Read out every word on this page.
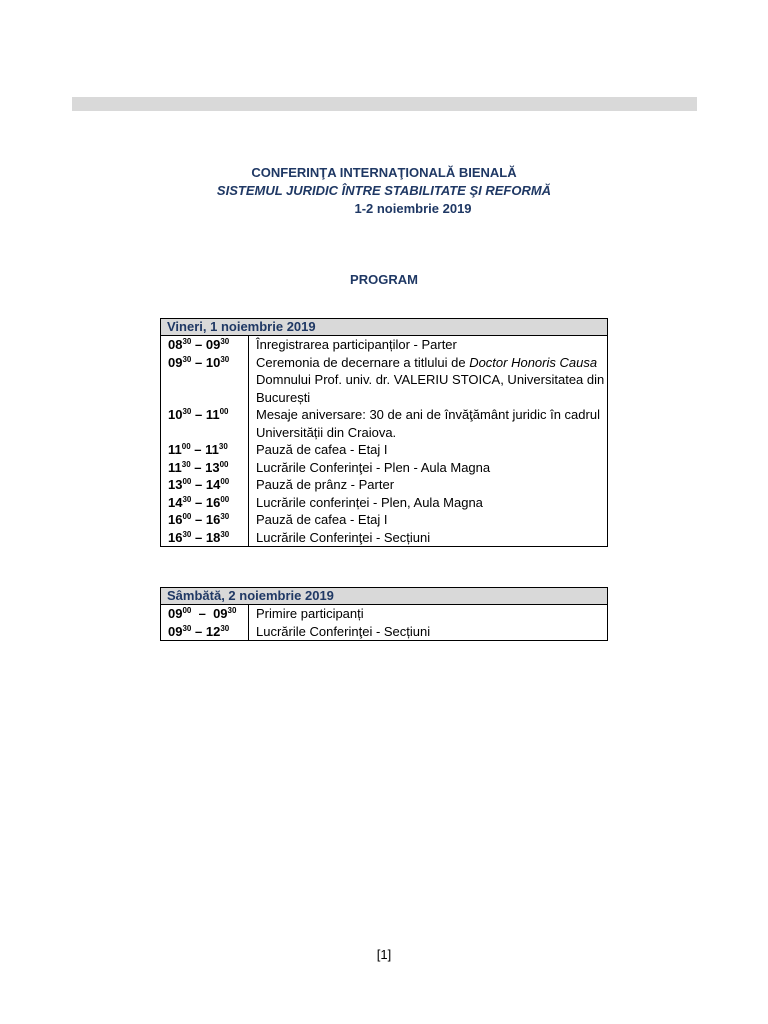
CONFERINŢA INTERNAŢIONALĂ BIENALĂ
SISTEMUL JURIDIC ÎNTRE STABILITATE ŞI REFORMĂ
1-2 noiembrie 2019
PROGRAM
Vineri, 1 noiembrie 2019	
$08^{30} - 09^{30}$	Înregistrarea participanților - Parter
$09^{30} - 10^{30}$	Ceremonia de decernare a titlului de Doctor Honoris Causa Domnului Prof. univ. dr. VALERIU STOICA, Universitatea din București
$10^{30} - 11^{00}$	Mesaje aniversare: 30 de ani de învăţământ juridic în cadrul Universității din Craiova.
$11^{00} - 11^{30}$	Pauză de cafea - Etaj I
$11^{30} - 13^{00}$	Lucrările Conferinţei - Plen - Aula Magna
$13^{00} - 14^{00}$	Pauză de prânz - Parter
$14^{30} - 16^{00}$	Lucrările conferinței - Plen, Aula Magna
$16^{00} - 16^{30}$	Pauză de cafea - Etaj I
$16^{30} - 18^{30}$	Lucrările Conferinţei - Secțiuni
Sâmbătă, 2 noiembrie 2019	
$09^{00} - 09^{30}$	Primire participanți
$09^{30} - 12^{30}$	Lucrările Conferinţei - Secțiuni
[1]
